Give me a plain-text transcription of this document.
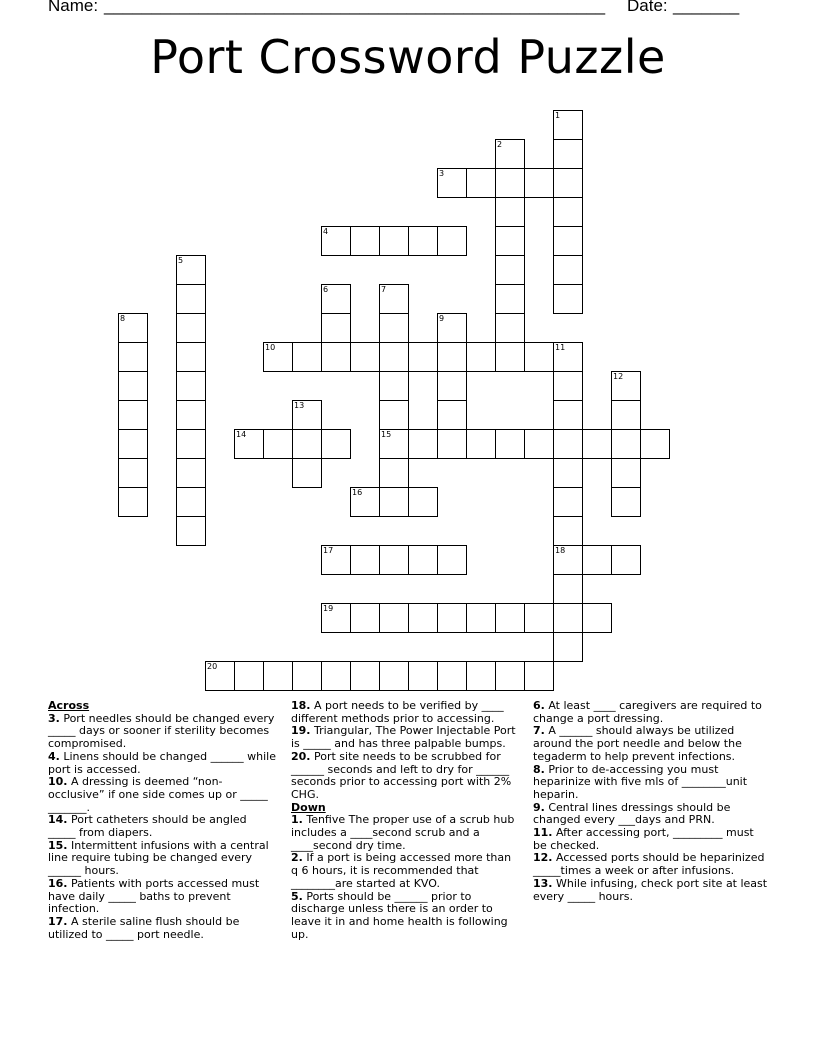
Name: _____________________________________________________ Date: _______
Port Crossword Puzzle
1
2
3
4
5
6	7
15
8	9
10	11
18
12
13
14
16
17
19
20
Across
3. Port needles should be changed every _____ days or sooner if sterility becomes compromised.
4. Linens should be changed ______ while port is accessed.
10. A dressing is deemed “non-occlusive” if one side comes up or _____ _______.
14. Port catheters should be angled _____ from diapers.
15. Intermittent infusions with a central line require tubing be changed every ______ hours.
16. Patients with ports accessed must have daily _____ baths to prevent infection.
17. A sterile saline flush should be utilized to _____ port needle.
18. A port needs to be verified by ____ different methods prior to accessing.
19. Triangular, The Power Injectable Port is _____ and has three palpable bumps.
20. Port site needs to be scrubbed for ______ seconds and left to dry for ______ seconds prior to accessing port with 2% CHG.
Down
1. Tenfive The proper use of a scrub hub includes a ____second scrub and a ____second dry time.
2. If a port is being accessed more than q 6 hours, it is recommended that ________are started at KVO.
5. Ports should be ______ prior to discharge unless there is an order to leave it in and home health is following up.
6. At least ____ caregivers are required to change a port dressing.
7. A ______ should always be utilized around the port needle and below the tegaderm to help prevent infections.
8. Prior to de-accessing you must heparinize with five mls of ________unit heparin.
9. Central lines dressings should be changed every ___days and PRN.
11. After accessing port, _________ must be checked.
12. Accessed ports should be heparinized _____times a week or after infusions.
13. While infusing, check port site at least every _____ hours.
